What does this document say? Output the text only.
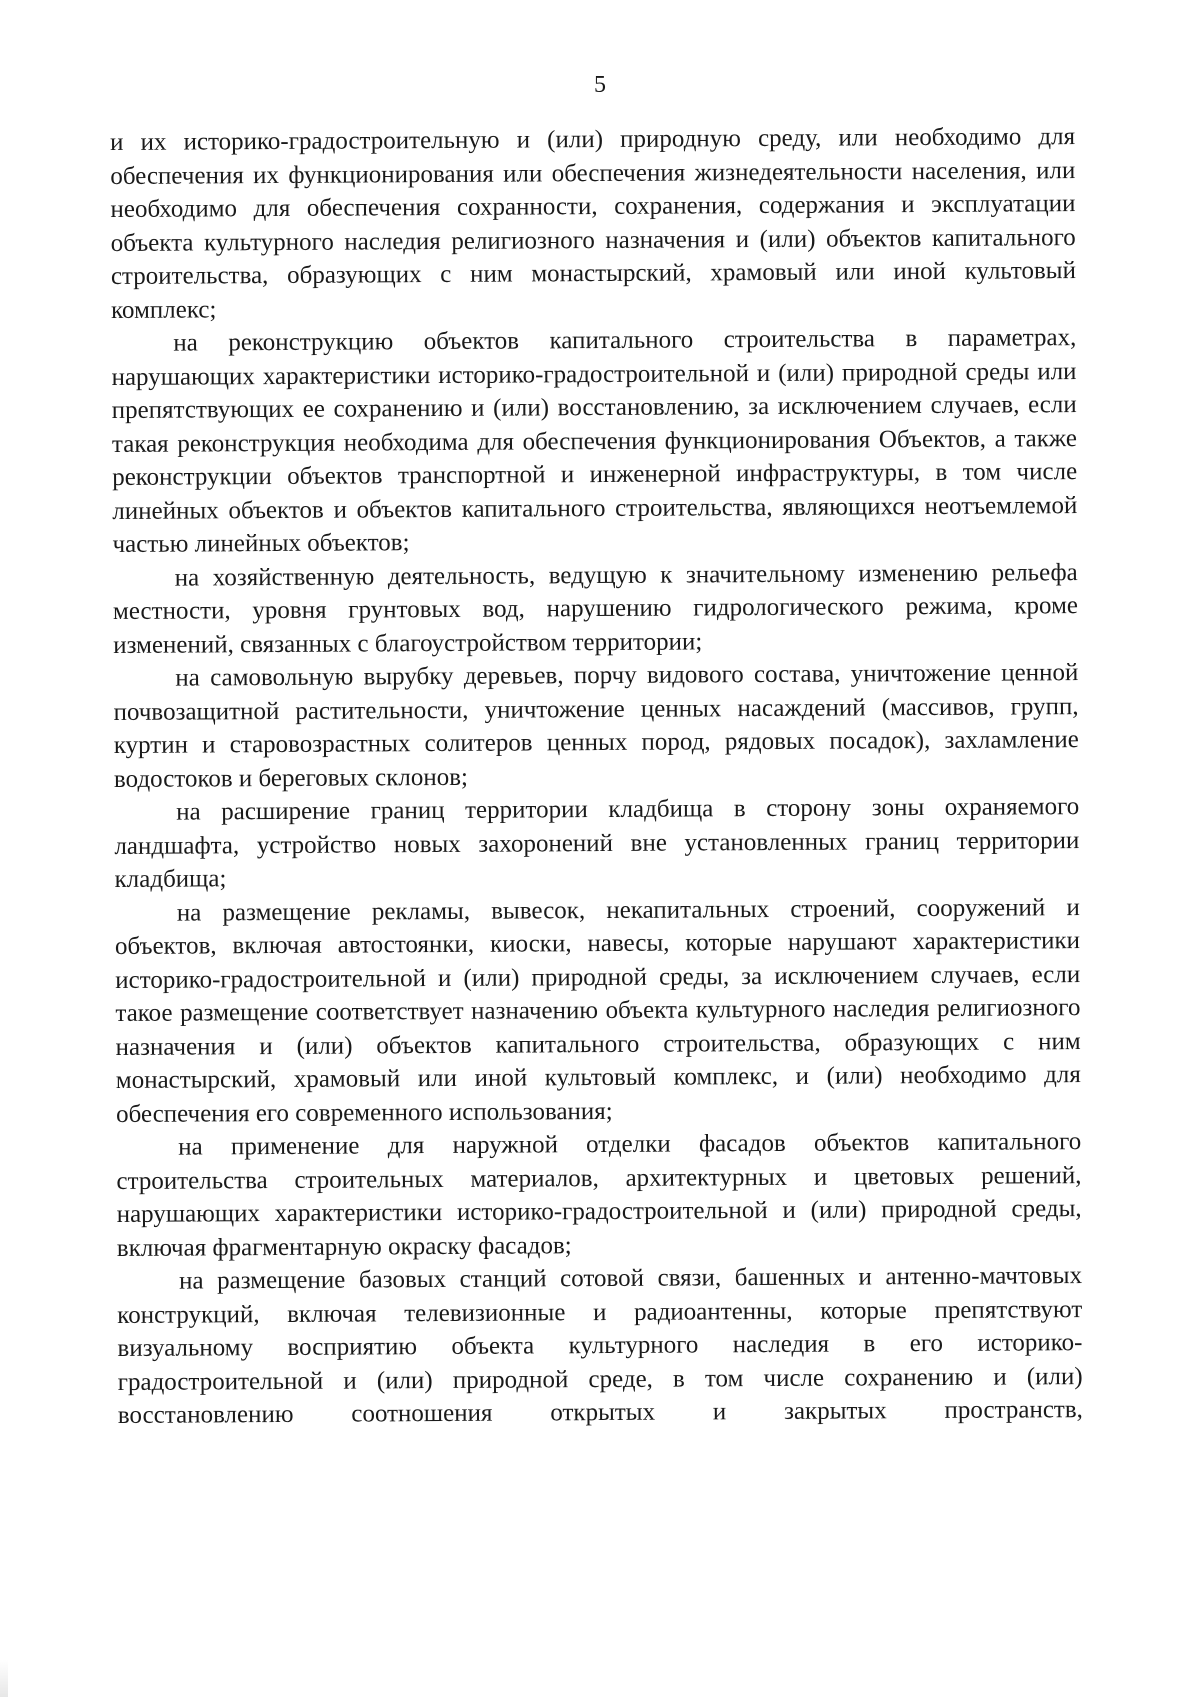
5

и их историко-градостроительную и (или) природную среду, или необходимо для обеспечения их функционирования или обеспечения жизнедеятельности населения, или необходимо для обеспечения сохранности, сохранения, содержания и эксплуатации объекта культурного наследия религиозного назначения и (или) объектов капитального строительства, образующих с ним монастырский, храмовый или иной культовый комплекс;

на реконструкцию объектов капитального строительства в параметрах, нарушающих характеристики историко-градостроительной и (или) природной среды или препятствующих ее сохранению и (или) восстановлению, за исключением случаев, если такая реконструкция необходима для обеспечения функционирования Объектов, а также реконструкции объектов транспортной и инженерной инфраструктуры, в том числе линейных объектов и объектов капитального строительства, являющихся неотъемлемой частью линейных объектов;

на хозяйственную деятельность, ведущую к значительному изменению рельефа местности, уровня грунтовых вод, нарушению гидрологического режима, кроме изменений, связанных с благоустройством территории;

на самовольную вырубку деревьев, порчу видового состава, уничтожение ценной почвозащитной растительности, уничтожение ценных насаждений (массивов, групп, куртин и старовозрастных солитеров ценных пород, рядовых посадок), захламление водостоков и береговых склонов;

на расширение границ территории кладбища в сторону зоны охраняемого ландшафта, устройство новых захоронений вне установленных границ территории кладбища;

на размещение рекламы, вывесок, некапитальных строений, сооружений и объектов, включая автостоянки, киоски, навесы, которые нарушают характеристики историко-градостроительной и (или) природной среды, за исключением случаев, если такое размещение соответствует назначению объекта культурного наследия религиозного назначения и (или) объектов капитального строительства, образующих с ним монастырский, храмовый или иной культовый комплекс, и (или) необходимо для обеспечения его современного использования;

на применение для наружной отделки фасадов объектов капитального строительства строительных материалов, архитектурных и цветовых решений, нарушающих характеристики историко-градостроительной и (или) природной среды, включая фрагментарную окраску фасадов;

на размещение базовых станций сотовой связи, башенных и антенно-мачтовых конструкций, включая телевизионные и радиоантенны, которые препятствуют визуальному восприятию объекта культурного наследия в его историко-градостроительной и (или) природной среде, в том числе сохранению и (или) восстановлению соотношения открытых и закрытых пространств,
